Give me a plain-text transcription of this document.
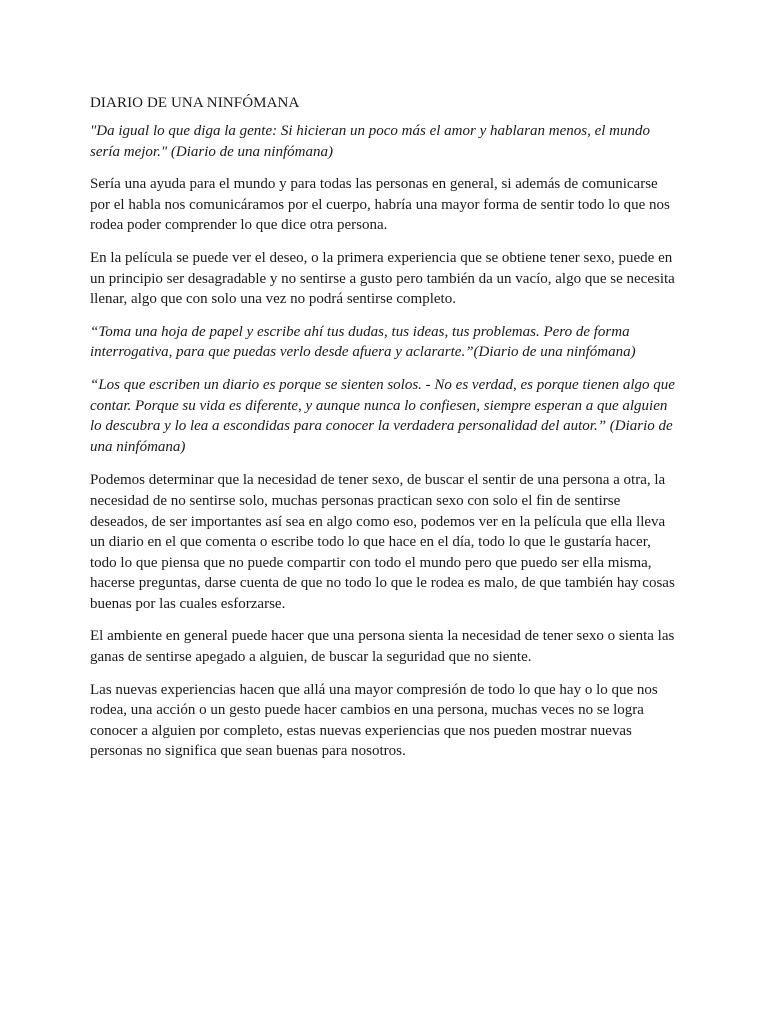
DIARIO DE UNA NINFÓMANA

"Da igual lo que diga la gente: Si hicieran un poco más el amor y hablaran menos, el mundo sería mejor." (Diario de una ninfómana)

Sería una ayuda para el mundo y para todas las personas en general, si además de comunicarse por el habla nos comunicáramos por el cuerpo, habría una mayor forma de sentir todo lo que nos rodea poder comprender lo que dice otra persona.

En la película se puede ver el deseo, o la primera experiencia que se obtiene tener sexo, puede en un principio ser desagradable y no sentirse a gusto pero también da un vacío, algo que se necesita llenar, algo que con solo una vez no podrá sentirse completo.

“Toma una hoja de papel y escribe ahí tus dudas, tus ideas, tus problemas. Pero de forma interrogativa, para que puedas verlo desde afuera y aclararte.”(Diario de una ninfómana)

“Los que escriben un diario es porque se sienten solos. - No es verdad, es porque tienen algo que contar. Porque su vida es diferente, y aunque nunca lo confiesen, siempre esperan a que alguien lo descubra y lo lea a escondidas para conocer la verdadera personalidad del autor.” (Diario de una ninfómana)

Podemos determinar que la necesidad de tener sexo, de buscar el sentir de una persona a otra, la necesidad de no sentirse solo, muchas personas practican sexo con solo el fin de sentirse deseados, de ser importantes así sea en algo como eso, podemos ver en la película que ella lleva un diario en el que comenta o escribe todo lo que hace en el día, todo lo que le gustaría hacer, todo lo que piensa que no puede compartir con todo el mundo pero que puedo ser ella misma, hacerse preguntas, darse cuenta de que no todo lo que le rodea es malo, de que también hay cosas buenas por las cuales esforzarse.

El ambiente en general puede hacer que una persona sienta la necesidad de tener sexo o sienta las ganas de sentirse apegado a alguien, de buscar la seguridad que no siente.

Las nuevas experiencias hacen que allá una mayor compresión de todo lo que hay o lo que nos rodea, una acción o un gesto puede hacer cambios en una persona, muchas veces no se logra conocer a alguien por completo, estas nuevas experiencias que nos pueden mostrar nuevas personas no significa que sean buenas para nosotros.
